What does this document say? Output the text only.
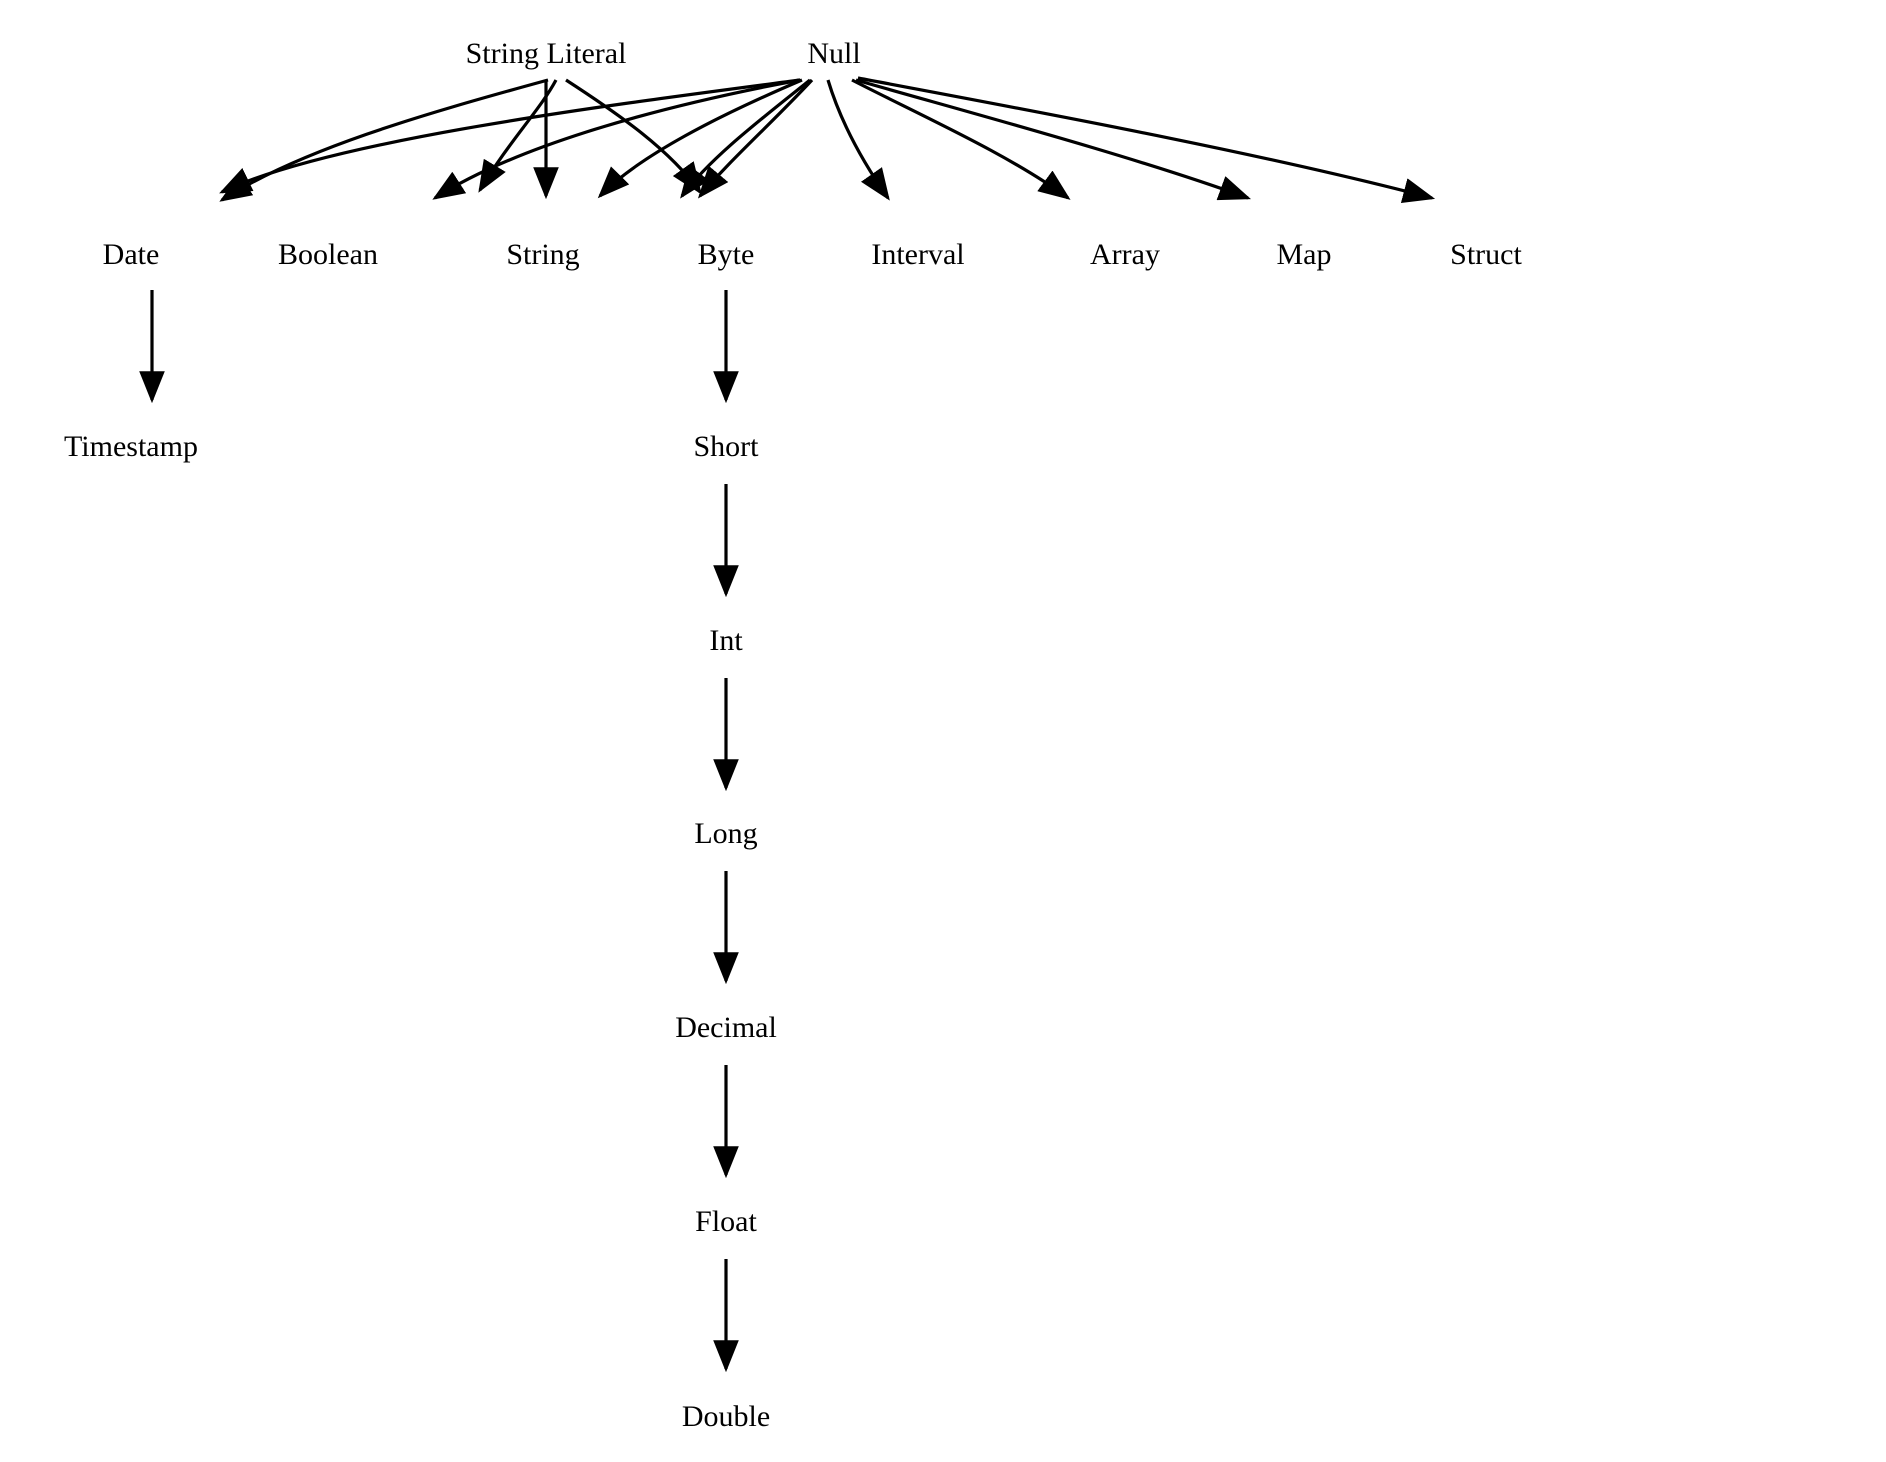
String Literal	Null
Date	Boolean	String	Byte	Interval	Array	Map	Struct
Timestamp	Short
Int
Long
Decimal
Float
Double
